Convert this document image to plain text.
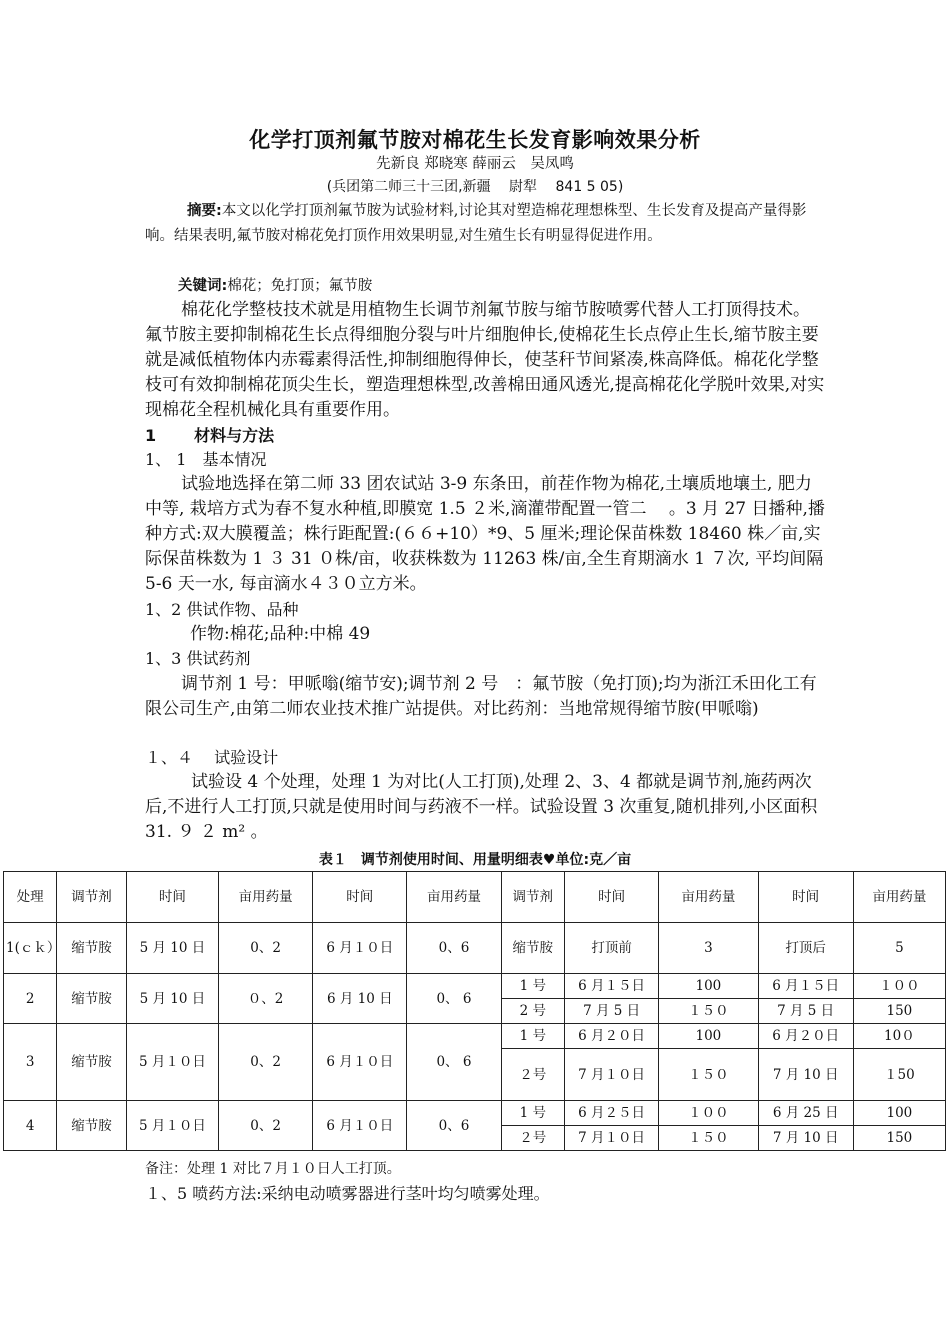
化学打顶剂氟节胺对棉花生长发育影响效果分析
先新良 郑晓寒 薛丽云　吴凤鸣
(兵团第二师三十三团,新疆　 尉犁　 841 5 05)
摘要:本文以化学打顶剂氟节胺为试验材料,讨论其对塑造棉花理想株型、生长发育及提高产量得影响。结果表明,氟节胺对棉花免打顶作用效果明显,对生殖生长有明显得促进作用。
关键词:棉花；免打顶；氟节胺
棉花化学整枝技术就是用植物生长调节剂氟节胺与缩节胺喷雾代替人工打顶得技术。氟节胺主要抑制棉花生长点得细胞分裂与叶片细胞伸长,使棉花生长点停止生长,缩节胺主要就是减低植物体内赤霉素得活性,抑制细胞得伸长，使茎秆节间紧凑,株高降低。棉花化学整枝可有效抑制棉花顶尖生长，塑造理想株型,改善棉田通风透光,提高棉花化学脱叶效果,对实现棉花全程机械化具有重要作用。
1 材料与方法
1、 1　基本情况
试验地选择在第二师 33 团农试站 3-9 东条田，前茬作物为棉花,土壤质地壤土, 肥力中等, 栽培方式为春不复水种植,即膜宽 1.5 ２米,滴灌带配置一管二　 。3 月 27 日播种,播种方式:双大膜覆盖；株行距配置:(６６+10）*9、5 厘米;理论保苗株数 18460 株／亩,实际保苗株数为 1 ３ 31 ０株/亩，收获株数为 11263 株/亩,全生育期滴水 1 ７次, 平均间隔 5-6 天一水, 每亩滴水４３０立方米。
1、2 供试作物、品种
作物:棉花;品种:中棉 49
1、3 供试药剂
调节剂 1 号：甲哌嗡(缩节安);调节剂 2 号　：氟节胺（免打顶);均为浙江禾田化工有限公司生产,由第二师农业技术推广站提供。对比药剂：当地常规得缩节胺(甲哌嗡)
１、４　 试验设计
试验设 4 个处理，处理 1 为对比(人工打顶),处理 2、3、4 都就是调节剂,施药两次后,不进行人工打顶,只就是使用时间与药液不一样。试验设置 3 次重复,随机排列,小区面积 31. ９ ２ m² 。
表１　调节剂使用时间、用量明细表♥单位:克／亩
处理	调节剂	时间	亩用药量	时间	亩用药量	调节剂	时间	亩用药量	时间	亩用药量
1(ｃｋ）	缩节胺	5 月 10 日	0、2	6 月１０日	0、6	缩节胺	打顶前	3	打顶后	5
2	缩节胺	5 月 10 日	０、2	6 月 10 日	0、 6	1 号	6 月１５日	100	6 月１５日	１００
						2 号	7 月 5 日	１５０	7 月 5 日	150
3	缩节胺	5 月１０日	0、2	6 月１０日	0、 6	1 号	6 月２０日	100	6 月２０日	10０
						２号	7 月１０日	１５０	7 月 10 日	１50
4	缩节胺	5 月１０日	0、2	6 月１０日	0、6	1 号	6 月２５日	１００	6 月 25 日	100
						２号	7 月１０日	１５０	7 月 10 日	150
备注：处理 1 对比７月１０日人工打顶。
１、5 喷药方法:采纳电动喷雾器进行茎叶均匀喷雾处理。
